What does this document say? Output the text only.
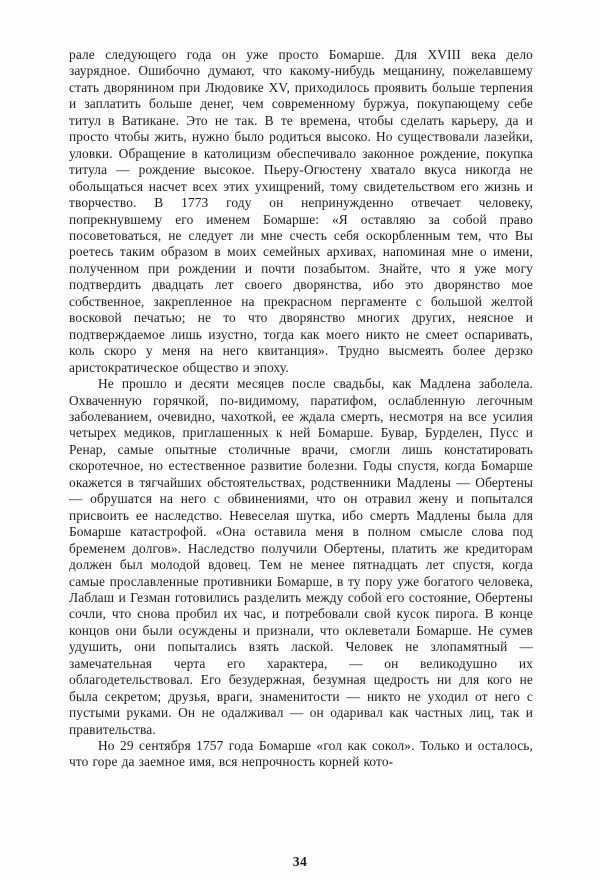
рале следующего года он уже просто Бомарше. Для XVIII века дело заурядное. Ошибочно думают, что какому-нибудь мещанину, пожелавшему стать дворянином при Людовике XV, приходилось проявить больше терпения и заплатить больше денег, чем современному буржуа, покупающему себе титул в Ватикане. Это не так. В те времена, чтобы сделать карьеру, да и просто чтобы жить, нужно было родиться высоко. Но существовали лазейки, уловки. Обращение в католицизм обеспечивало законное рождение, покупка титула — рождение высокое. Пьеру-Огюстену хватало вкуса никогда не обольщаться насчет всех этих ухищрений, тому свидетельством его жизнь и творчество. В 1773 году он непринужденно отвечает человеку, попрекнувшему его именем Бомарше: «Я оставляю за собой право посоветоваться, не следует ли мне счесть себя оскорбленным тем, что Вы роетесь таким образом в моих семейных архивах, напоминая мне о имени, полученном при рождении и почти позабытом. Знайте, что я уже могу подтвердить двадцать лет своего дворянства, ибо это дворянство мое собственное, закрепленное на прекрасном пергаменте с большой желтой восковой печатью; не то что дворянство многих других, неясное и подтверждаемое лишь изустно, тогда как моего никто не смеет оспаривать, коль скоро у меня на него квитанция». Трудно высмеять более дерзко аристократическое общество и эпоху.

Не прошло и десяти месяцев после свадьбы, как Мадлена заболела. Охваченную горячкой, по-видимому, паратифом, ослабленную легочным заболеванием, очевидно, чахоткой, ее ждала смерть, несмотря на все усилия четырех медиков, приглашенных к ней Бомарше. Бувар, Бурделен, Пусс и Ренар, самые опытные столичные врачи, смогли лишь констатировать скоротечное, но естественное развитие болезни. Годы спустя, когда Бомарше окажется в тягчайших обстоятельствах, родственники Мадлены — Обертены — обрушатся на него с обвинениями, что он отравил жену и попытался присвоить ее наследство. Невеселая шутка, ибо смерть Мадлены была для Бомарше катастрофой. «Она оставила меня в полном смысле слова под бременем долгов». Наследство получили Обертены, платить же кредиторам должен был молодой вдовец. Тем не менее пятнадцать лет спустя, когда самые прославленные противники Бомарше, в ту пору уже богатого человека, Лаблаш и Гезман готовились разделить между собой его состояние, Обертены сочли, что снова пробил их час, и потребовали свой кусок пирога. В конце концов они были осуждены и признали, что оклеветали Бомарше. Не сумев удушить, они попытались взять лаской. Человек не злопамятный — замечательная черта его характера, — он великодушно их облагодетельствовал. Его безудержная, безумная щедрость ни для кого не была секретом; друзья, враги, знаменитости — никто не уходил от него с пустыми руками. Он не одалживал — он одаривал как частных лиц, так и правительства.

Но 29 сентября 1757 года Бомарше «гол как сокол». Только и осталось, что горе да заемное имя, вся непрочность корней кото-

34
